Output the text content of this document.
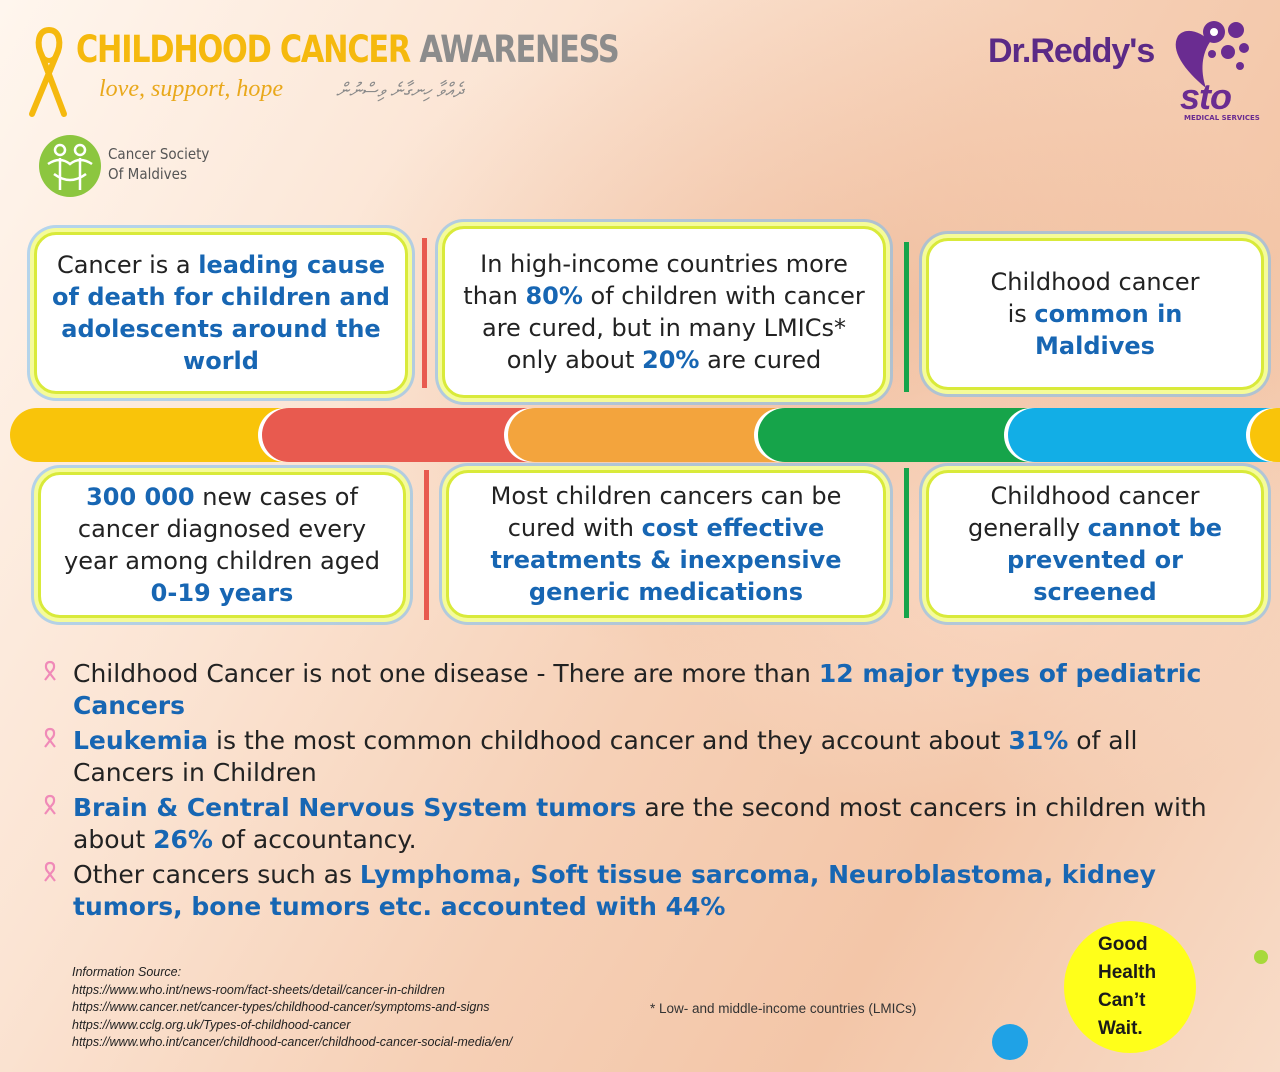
CHILDHOOD CANCER AWARENESS
love, support, hope	ދެއްވާ ހިނގާނެ ވިސްނުން
Cancer Society
Of Maldives
Dr.Reddy's
sto
MEDICAL SERVICES
Cancer is a leading cause of death for children and adolescents around the world
In high-income countries more than 80% of children with cancer are cured, but in many LMICs* only about 20% are cured
Childhood cancer is common in Maldives
300 000 new cases of cancer diagnosed every year among children aged 0-19 years
Most children cancers can be cured with cost effective treatments & inexpensive generic medications
Childhood cancer generally cannot be prevented or screened
Childhood Cancer is not one disease - There are more than 12 major types of pediatric Cancers
Leukemia is the most common childhood cancer and they account about 31% of all Cancers in Children
Brain & Central Nervous System tumors are the second most cancers in children with about 26% of accountancy.
Other cancers such as Lymphoma, Soft tissue sarcoma, Neuroblastoma, kidney tumors, bone tumors etc. accounted with 44%
Information Source:
https://www.who.int/news-room/fact-sheets/detail/cancer-in-children
https://www.cancer.net/cancer-types/childhood-cancer/symptoms-and-signs
https://www.cclg.org.uk/Types-of-childhood-cancer
https://www.who.int/cancer/childhood-cancer/childhood-cancer-social-media/en/
* Low- and middle-income countries (LMICs)
Good
Health
Can’t
Wait.
